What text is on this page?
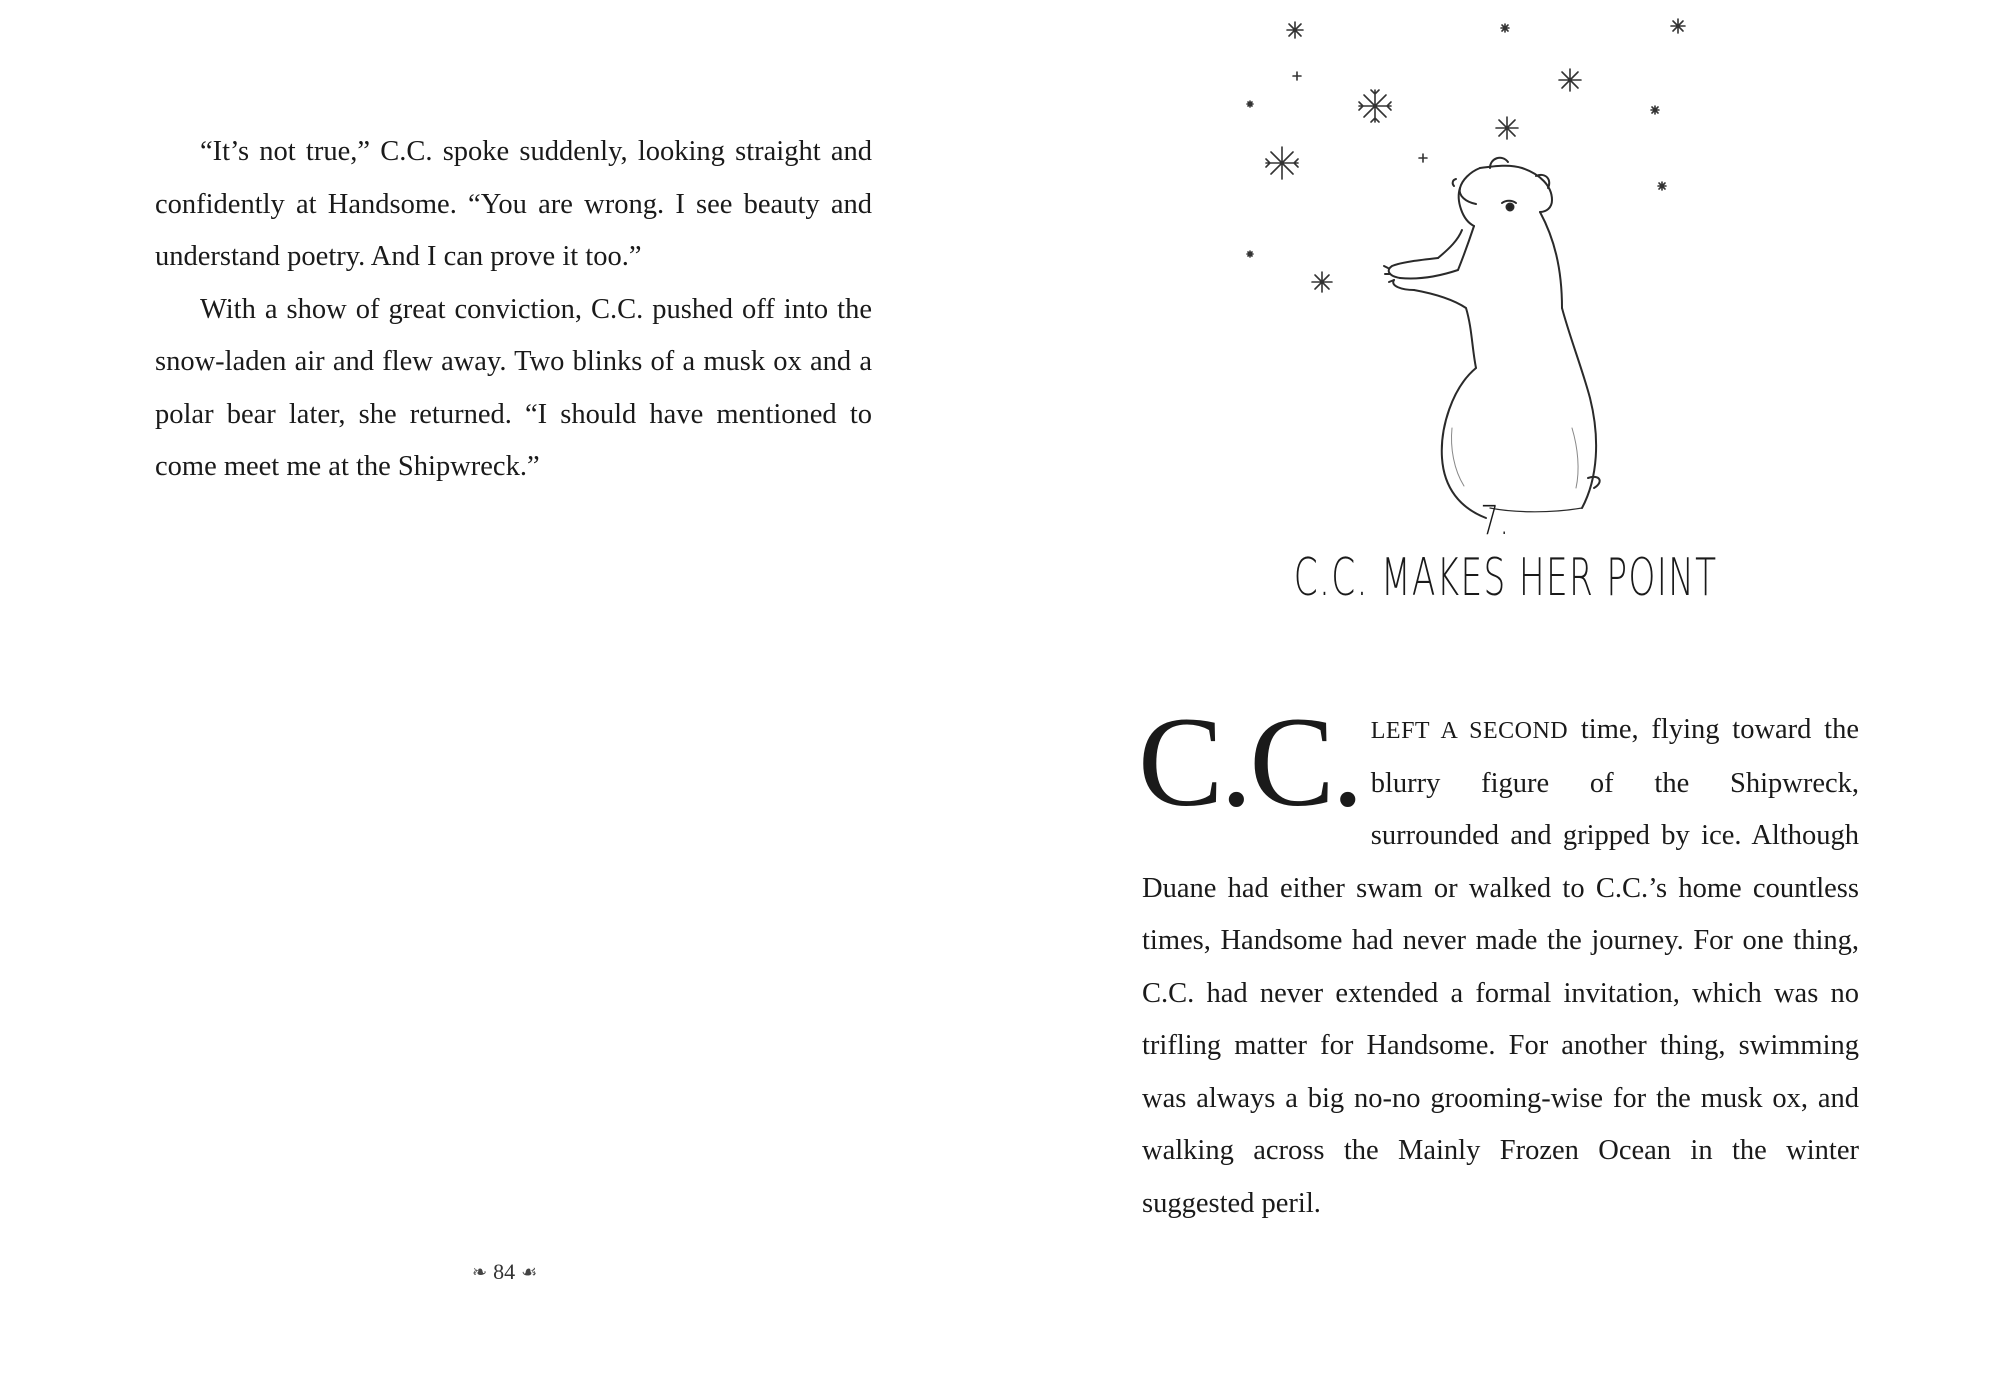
“It’s not true,” C.C. spoke suddenly, looking straight and confidently at Handsome. “You are wrong. I see beauty and understand poetry. And I can prove it too.”

With a show of great conviction, C.C. pushed off into the snow-laden air and flew away. Two blinks of a musk ox and a polar bear later, she returned. “I should have mentioned to come meet me at the Shipwreck.”

❧ 84 ☙
7.
C.C. MAKES HER POINT

C.C. LEFT A SECOND time, flying toward the blurry figure of the Shipwreck, surrounded and gripped by ice. Although Duane had either swam or walked to C.C.’s home countless times, Handsome had never made the journey. For one thing, C.C. had never extended a formal invitation, which was no trifling matter for Handsome. For another thing, swimming was always a big no-no grooming-wise for the musk ox, and walking across the Mainly Frozen Ocean in the winter suggested peril.
